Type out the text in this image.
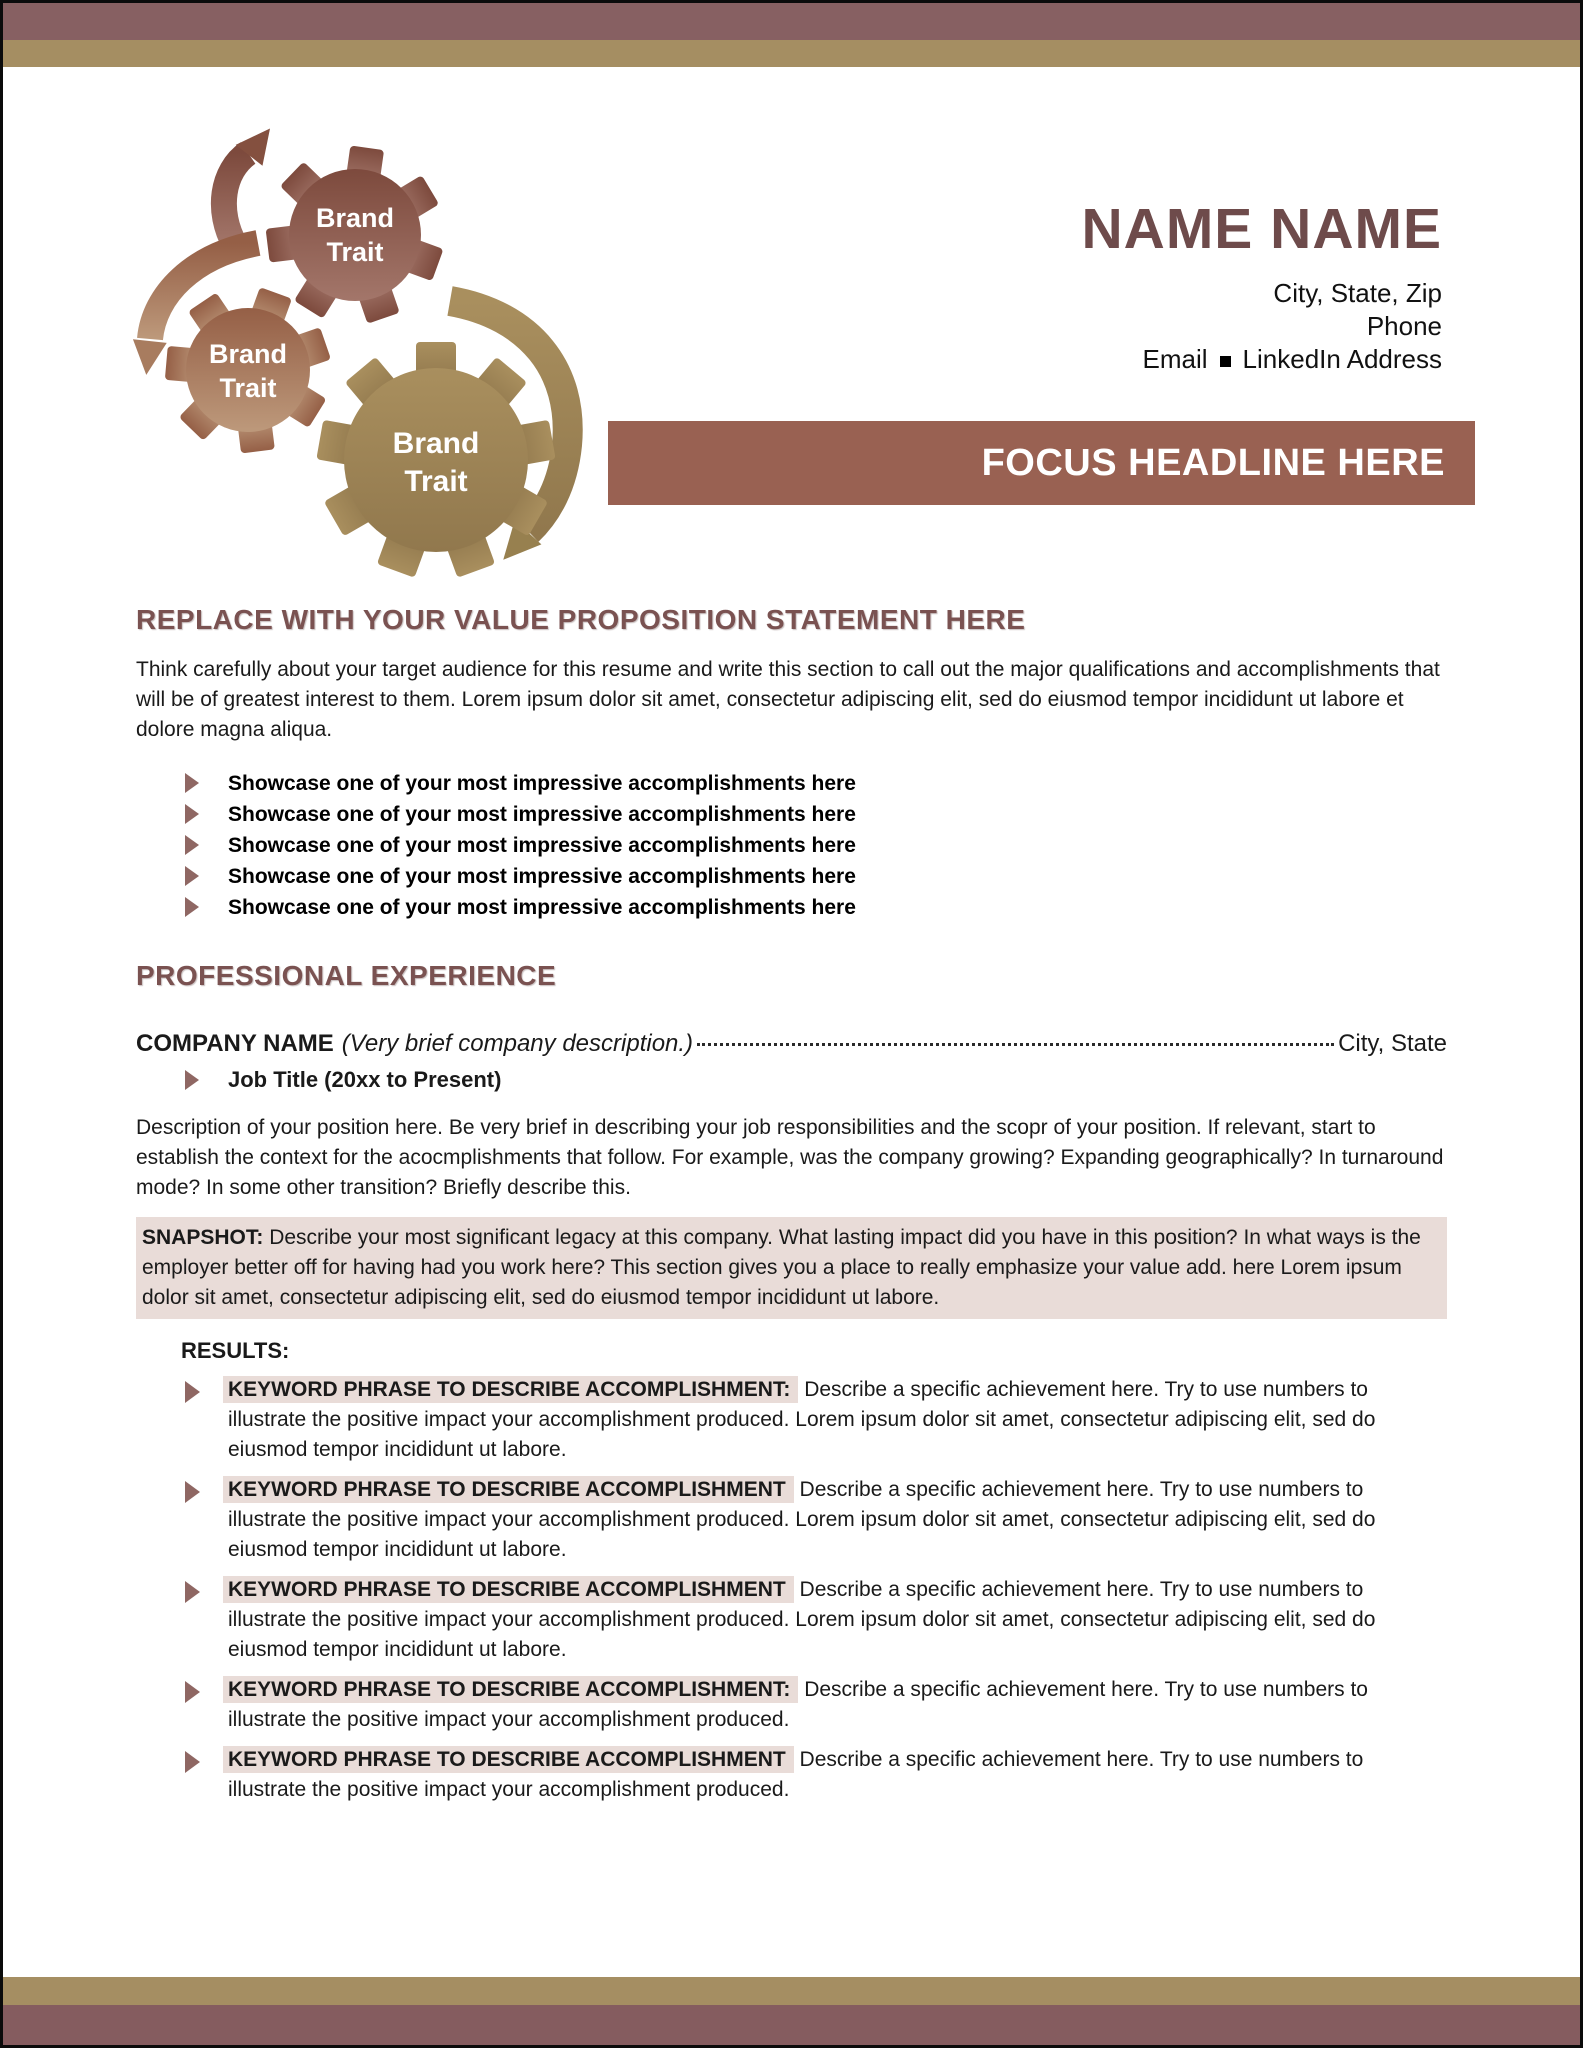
Brand
Trait
Brand
Trait
Brand
Trait
NAME NAME
City, State, Zip
Phone
Email LinkedIn Address
FOCUS HEADLINE HERE
REPLACE WITH YOUR VALUE PROPOSITION STATEMENT HERE

Think carefully about your target audience for this resume and write this section to call out the major qualifications and accomplishments that will be of greatest interest to them. Lorem ipsum dolor sit amet, consectetur adipiscing elit, sed do eiusmod tempor incididunt ut labore et dolore magna aliqua.

Showcase one of your most impressive accomplishments here
Showcase one of your most impressive accomplishments here
Showcase one of your most impressive accomplishments here
Showcase one of your most impressive accomplishments here
Showcase one of your most impressive accomplishments here
PROFESSIONAL EXPERIENCE
COMPANY NAME (Very brief company description.)	City, State
Job Title (20xx to Present)

Description of your position here. Be very brief in describing your job responsibilities and the scopr of your position. If relevant, start to establish the context for the acocmplishments that follow. For example, was the company growing? Expanding geographically? In turnaround mode? In some other transition? Briefly describe this.

SNAPSHOT: Describe your most significant legacy at this company. What lasting impact did you have in this position? In what ways is the employer better off for having had you work here? This section gives you a place to really emphasize your value add. here Lorem ipsum dolor sit amet, consectetur adipiscing elit, sed do eiusmod tempor incididunt ut labore.
RESULTS:
KEYWORD PHRASE TO DESCRIBE ACCOMPLISHMENT: Describe a specific achievement here. Try to use numbers to illustrate the positive impact your accomplishment produced. Lorem ipsum dolor sit amet, consectetur adipiscing elit, sed do eiusmod tempor incididunt ut labore.
KEYWORD PHRASE TO DESCRIBE ACCOMPLISHMENT Describe a specific achievement here. Try to use numbers to illustrate the positive impact your accomplishment produced. Lorem ipsum dolor sit amet, consectetur adipiscing elit, sed do eiusmod tempor incididunt ut labore.
KEYWORD PHRASE TO DESCRIBE ACCOMPLISHMENT Describe a specific achievement here. Try to use numbers to illustrate the positive impact your accomplishment produced. Lorem ipsum dolor sit amet, consectetur adipiscing elit, sed do eiusmod tempor incididunt ut labore.
KEYWORD PHRASE TO DESCRIBE ACCOMPLISHMENT: Describe a specific achievement here. Try to use numbers to illustrate the positive impact your accomplishment produced.
KEYWORD PHRASE TO DESCRIBE ACCOMPLISHMENT Describe a specific achievement here. Try to use numbers to illustrate the positive impact your accomplishment produced.
